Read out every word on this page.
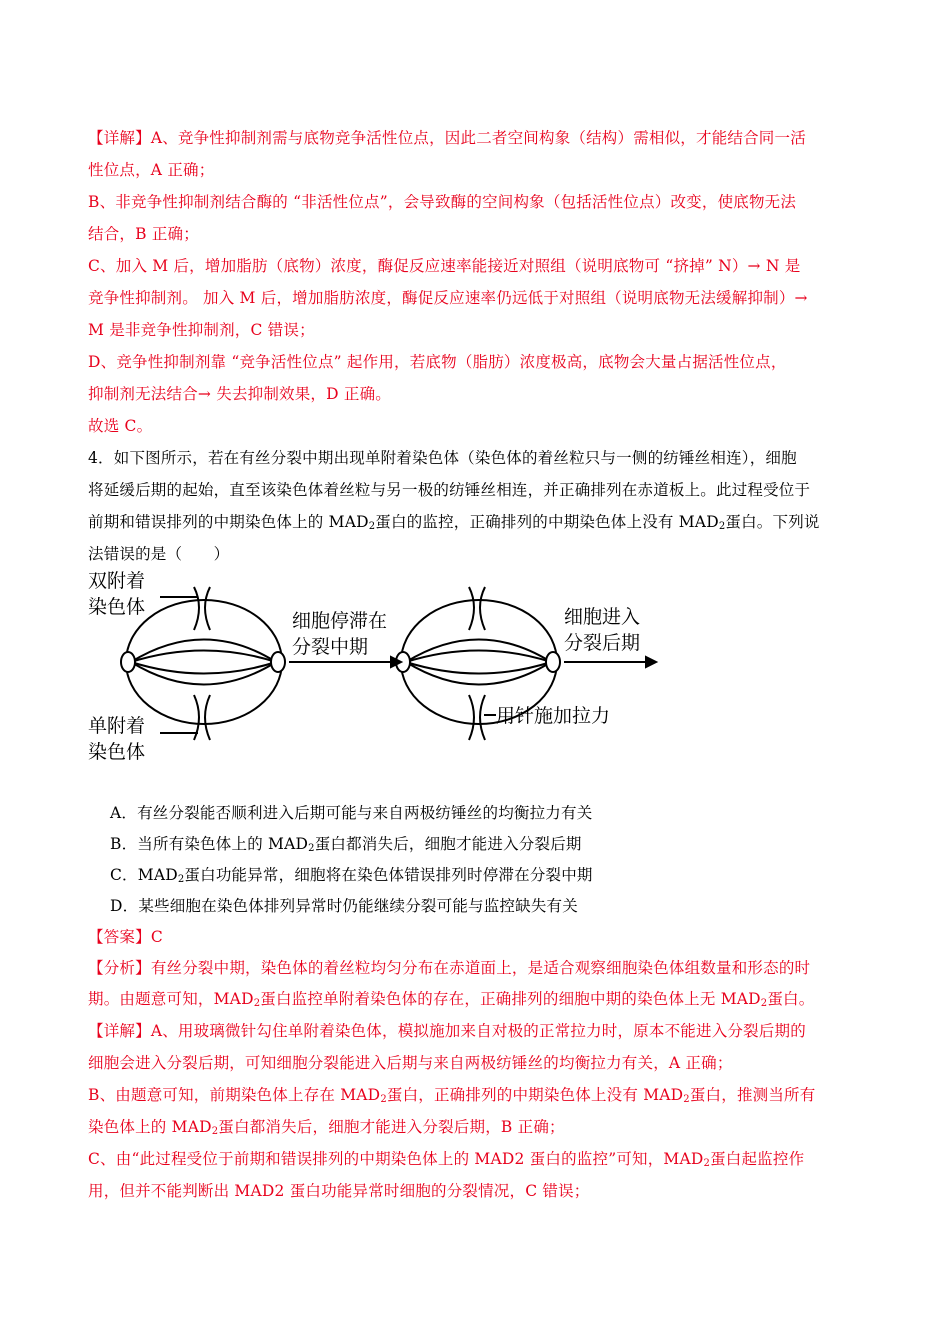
【详解】A、竞争性抑制剂需与底物竞争活性位点，因此二者空间构象（结构）需相似，才能结合同一活
性位点，A 正确；
B、非竞争性抑制剂结合酶的 “非活性位点”，会导致酶的空间构象（包括活性位点）改变，使底物无法
结合，B 正确；
C、加入 M 后，增加脂肪（底物）浓度，酶促反应速率能接近对照组（说明底物可 “挤掉” N）→ N 是
竞争性抑制剂。 加入 M 后，增加脂肪浓度，酶促反应速率仍远低于对照组（说明底物无法缓解抑制）→
M 是非竞争性抑制剂，C 错误；
D、竞争性抑制剂靠 “竞争活性位点” 起作用，若底物（脂肪）浓度极高，底物会大量占据活性位点，
抑制剂无法结合→ 失去抑制效果，D 正确。
故选 C。
4．如下图所示，若在有丝分裂中期出现单附着染色体（染色体的着丝粒只与一侧的纺锤丝相连），细胞
将延缓后期的起始，直至该染色体着丝粒与另一极的纺锤丝相连，并正确排列在赤道板上。此过程受位于
前期和错误排列的中期染色体上的 $MAD_2$蛋白的监控，正确排列的中期染色体上没有 $MAD_2$蛋白。下列说
法错误的是（　　）
双附着
染色体
单附着
染色体
细胞停滞在
分裂中期
细胞进入
分裂后期
用针施加拉力
A．有丝分裂能否顺利进入后期可能与来自两极纺锤丝的均衡拉力有关
B．当所有染色体上的 $MAD_2$蛋白都消失后，细胞才能进入分裂后期
C．$MAD_2$蛋白功能异常，细胞将在染色体错误排列时停滞在分裂中期
D．某些细胞在染色体排列异常时仍能继续分裂可能与监控缺失有关
【答案】C
【分析】有丝分裂中期，染色体的着丝粒均匀分布在赤道面上，是适合观察细胞染色体组数量和形态的时
期。由题意可知，$MAD_2$蛋白监控单附着染色体的存在，正确排列的细胞中期的染色体上无 $MAD_2$蛋白。
【详解】A、用玻璃微针勾住单附着染色体，模拟施加来自对极的正常拉力时，原本不能进入分裂后期的
细胞会进入分裂后期，可知细胞分裂能进入后期与来自两极纺锤丝的均衡拉力有关，A 正确；
B、由题意可知，前期染色体上存在 $MAD_2$蛋白，正确排列的中期染色体上没有 $MAD_2$蛋白，推测当所有
染色体上的 $MAD_2$蛋白都消失后，细胞才能进入分裂后期，B 正确；
C、由“此过程受位于前期和错误排列的中期染色体上的 MAD2 蛋白的监控”可知，$MAD_2$蛋白起监控作
用，但并不能判断出 MAD2 蛋白功能异常时细胞的分裂情况，C 错误；
